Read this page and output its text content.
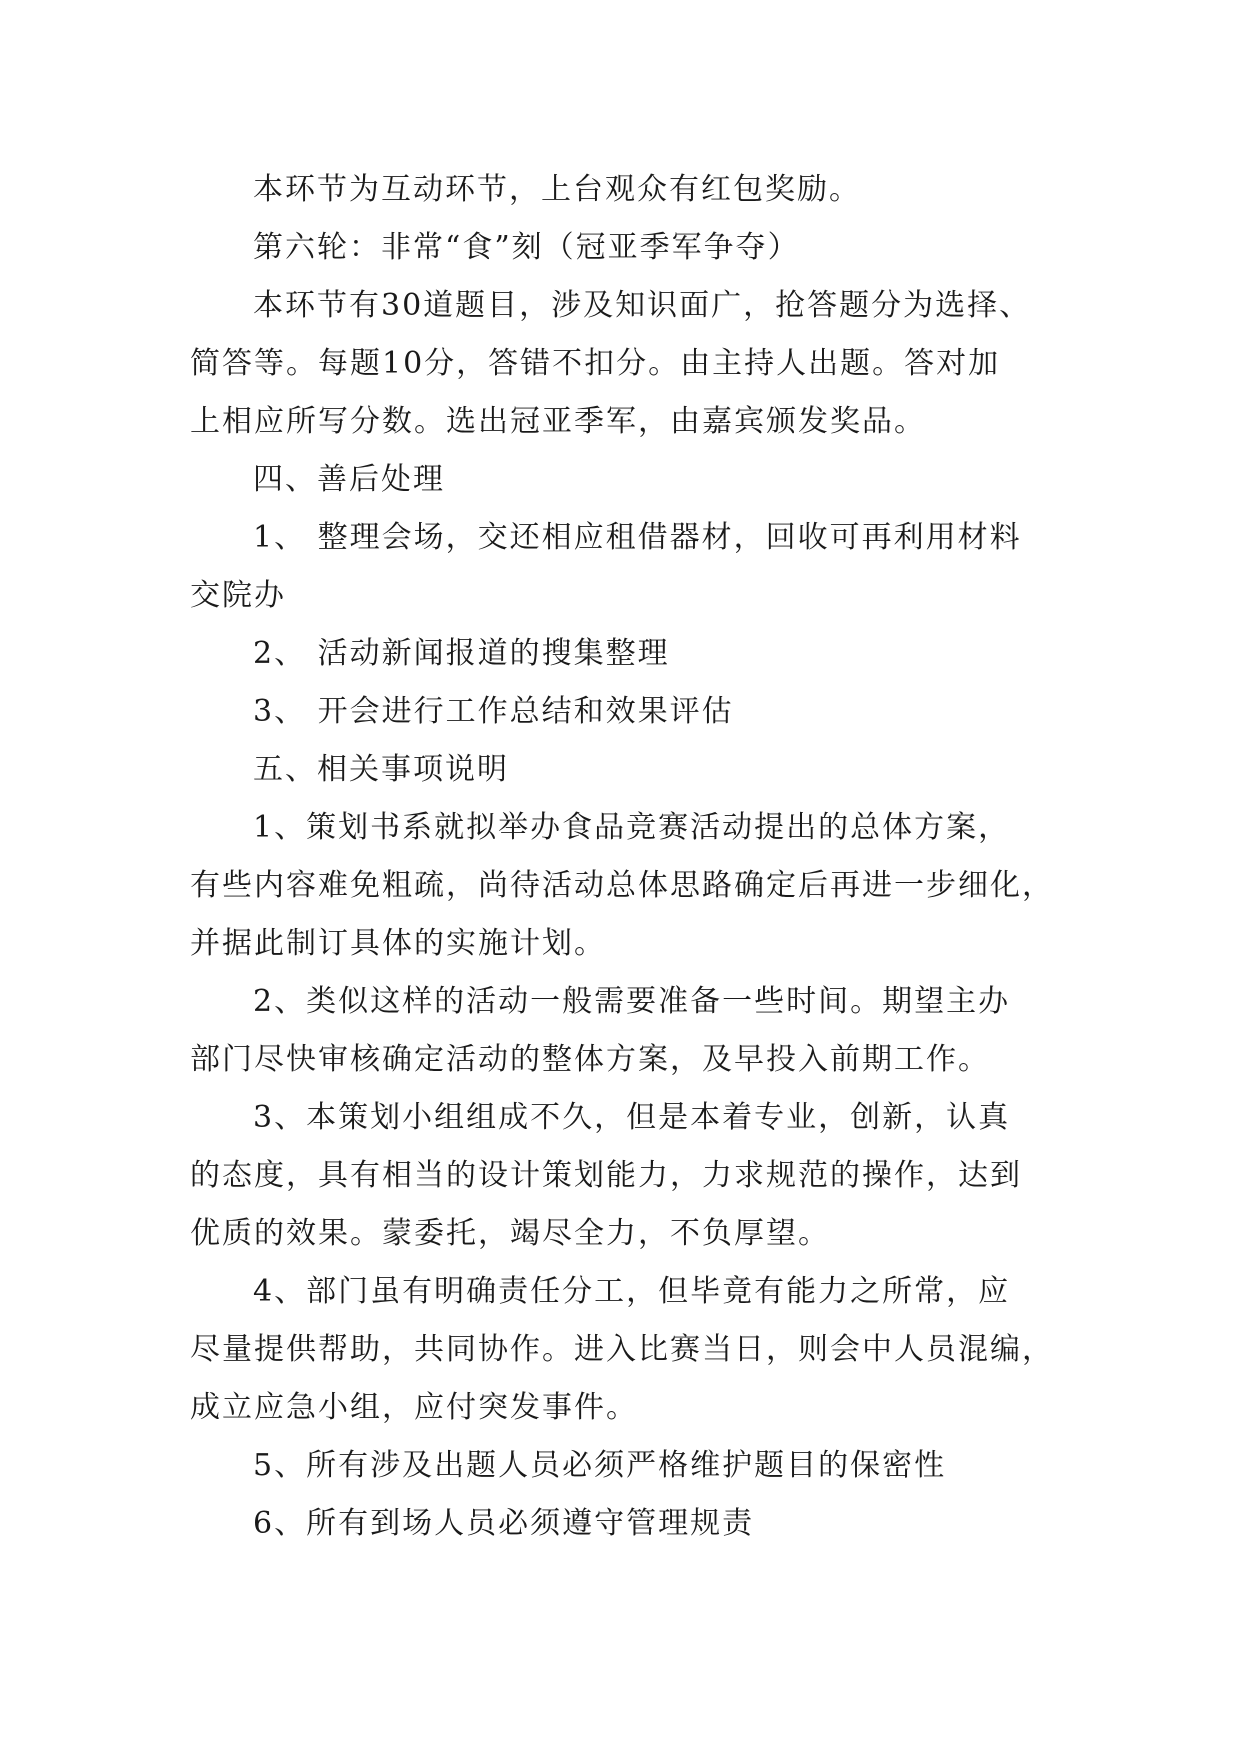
本环节为互动环节，上台观众有红包奖励。
第六轮：非常“食”刻（冠亚季军争夺）
本环节有30道题目，涉及知识面广，抢答题分为选择、
简答等。每题10分，答错不扣分。由主持人出题。答对加
上相应所写分数。选出冠亚季军，由嘉宾颁发奖品。
四、善后处理
1、 整理会场，交还相应租借器材，回收可再利用材料
交院办
2、 活动新闻报道的搜集整理
3、 开会进行工作总结和效果评估
五、相关事项说明
1、策划书系就拟举办食品竞赛活动提出的总体方案，
有些内容难免粗疏，尚待活动总体思路确定后再进一步细化，
并据此制订具体的实施计划。
2、类似这样的活动一般需要准备一些时间。期望主办
部门尽快审核确定活动的整体方案，及早投入前期工作。
3、本策划小组组成不久，但是本着专业，创新，认真
的态度，具有相当的设计策划能力，力求规范的操作，达到
优质的效果。蒙委托，竭尽全力，不负厚望。
4、部门虽有明确责任分工，但毕竟有能力之所常，应
尽量提供帮助，共同协作。进入比赛当日，则会中人员混编，
成立应急小组，应付突发事件。
5、所有涉及出题人员必须严格维护题目的保密性
6、所有到场人员必须遵守管理规责
